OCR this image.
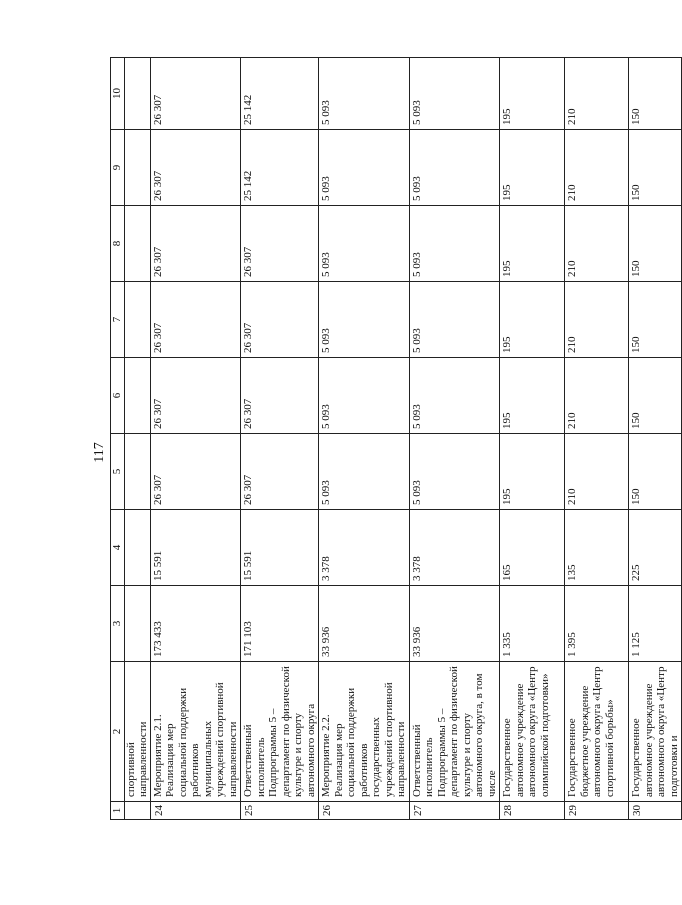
117
1	2	3	4	5	6	7	8	9	10
	спортивной направленности								
24	Мероприятие 2.1. Реализация мер социальной поддержки работников муниципальных учреждений спортивной направленности	173 433	15 591	26 307	26 307	26 307	26 307	26 307	26 307
25	Ответственный исполнитель Подпрограммы 5 – департамент по физической культуре и спорту автономного округа	171 103	15 591	26 307	26 307	26 307	26 307	25 142	25 142
26	Мероприятие 2.2. Реализация мер социальной поддержки работников государственных учреждений спортивной направленности	33 936	3 378	5 093	5 093	5 093	5 093	5 093	5 093
27	Ответственный исполнитель Подпрограммы 5 – департамент по физической культуре и спорту автономного округа, в том числе	33 936	3 378	5 093	5 093	5 093	5 093	5 093	5 093
28	Государственное автономное учреждение автономного округа «Центр олимпийской подготовки»	1 335	165	195	195	195	195	195	195
29	Государственное бюджетное учреждение автономного округа «Центр спортивной борьбы»	1 395	135	210	210	210	210	210	210
30	Государственное автономное учреждение автономного округа «Центр подготовки и	1 125	225	150	150	150	150	150	150
